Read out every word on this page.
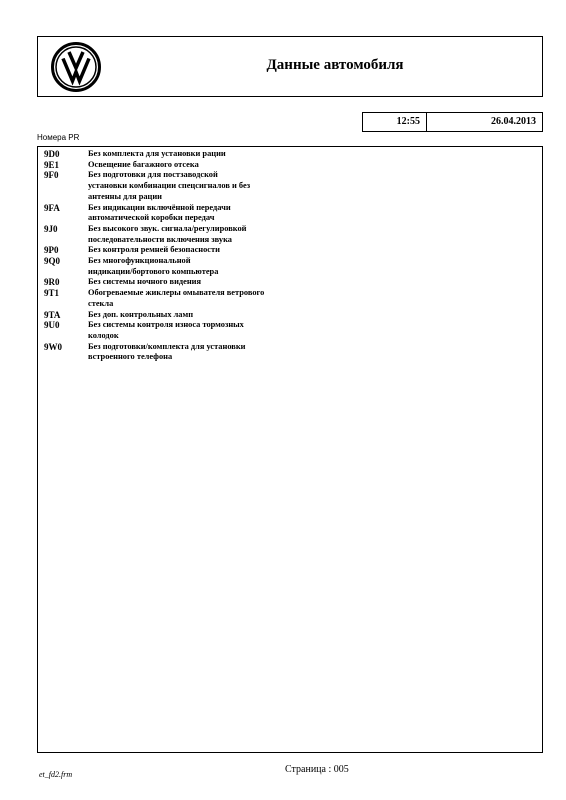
Данные автомобиля
12:55	26.04.2013
Номера PR
9D0	Без комплекта для установки рации
9E1	Освещение багажного отсека
9F0	Без подготовки для постзаводской
установки комбинации спецсигналов и без
антенны для рации
9FA	Без индикации включённой передачи
автоматической коробки передач
9J0	Без высокого звук. сигнала/регулировкой
последовательности включения звука
9P0	Без контроля ремней безопасности
9Q0	Без многофункциональной
индикации/бортового компьютера
9R0	Без системы ночного видения
9T1	Обогреваемые жиклеры омывателя ветрового
стекла
9TA	Без доп. контрольных ламп
9U0	Без системы контроля износа тормозных
колодок
9W0	Без подготовки/комплекта для установки
встроенного телефона
et_fd2.frm	Страница : 005
